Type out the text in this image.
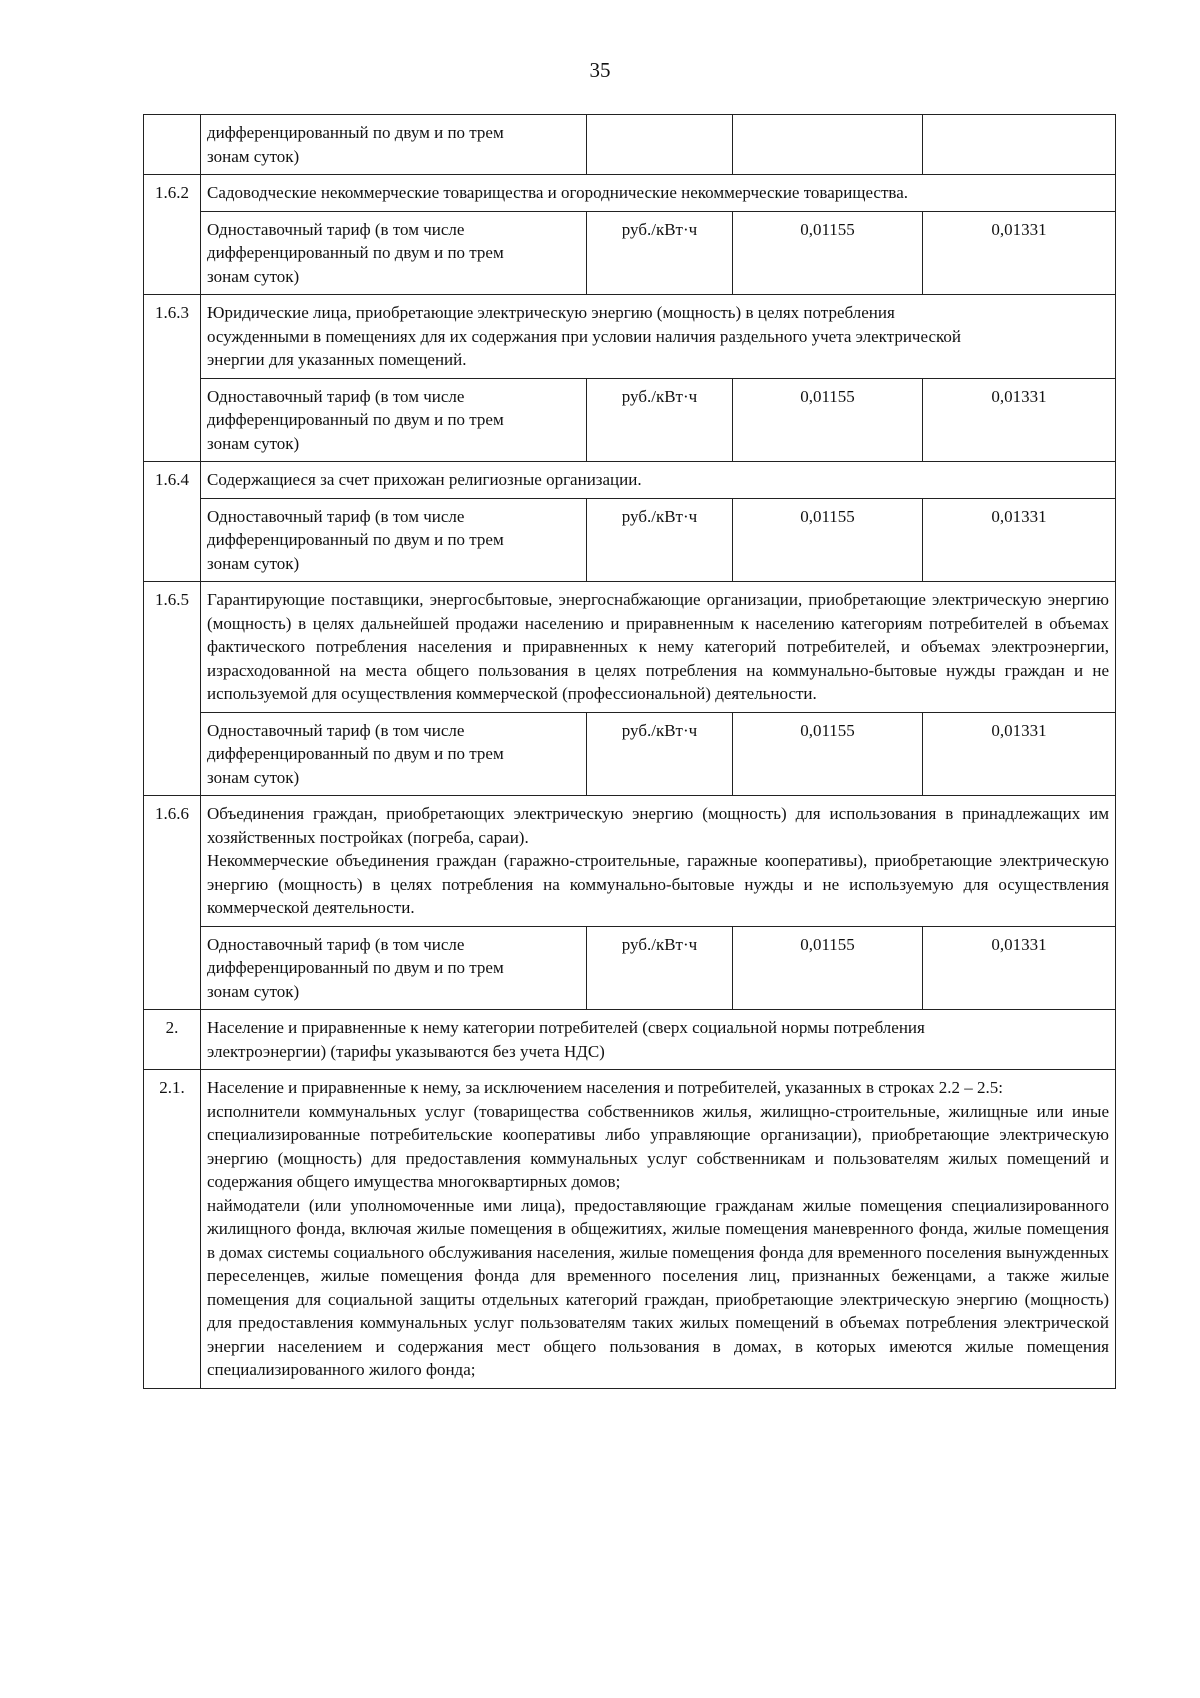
35

	дифференцированный по двум и по трем
зонам суток)			

1.6.2	Садоводческие некоммерческие товарищества и огороднические некоммерческие товарищества.			

	Одноставочный тариф (в том числе
дифференцированный по двум и по трем
зонам суток)	руб./кВт·ч	0,01155	0,01331
1.6.3	Юридические лица, приобретающие электрическую энергию (мощность) в целях потребления
осужденными в помещениях для их содержания при условии наличия раздельного учета электрической
энергии для указанных помещений.			

	Одноставочный тариф (в том числе
дифференцированный по двум и по трем
зонам суток)	руб./кВт·ч	0,01155	0,01331
1.6.4	Содержащиеся за счет прихожан религиозные организации.			

	Одноставочный тариф (в том числе
дифференцированный по двум и по трем
зонам суток)	руб./кВт·ч	0,01155	0,01331
1.6.5	Гарантирующие поставщики, энергосбытовые, энергоснабжающие организации, приобретающие электрическую энергию (мощность) в целях дальнейшей продажи населению и приравненным к населению категориям потребителей в объемах фактического потребления населения и приравненных к нему категорий потребителей, и объемах электроэнергии, израсходованной на места общего пользования в целях потребления на коммунально-бытовые нужды граждан и не используемой для осуществления коммерческой (профессиональной) деятельности.			

	Одноставочный тариф (в том числе
дифференцированный по двум и по трем
зонам суток)	руб./кВт·ч	0,01155	0,01331
1.6.6	Объединения граждан, приобретающих электрическую энергию (мощность) для использования в принадлежащих им хозяйственных постройках (погреба, сараи).
Некоммерческие объединения граждан (гаражно-строительные, гаражные кооперативы), приобретающие электрическую энергию (мощность) в целях потребления на коммунально-бытовые нужды и не используемую для осуществления коммерческой деятельности.			

	Одноставочный тариф (в том числе
дифференцированный по двум и по трем
зонам суток)	руб./кВт·ч	0,01155	0,01331
2.	Население и приравненные к нему категории потребителей (сверх социальной нормы потребления
электроэнергии) (тарифы указываются без учета НДС)			

2.1.	Население и приравненные к нему, за исключением населения и потребителей, указанных в строках 2.2 – 2.5:
исполнители коммунальных услуг (товарищества собственников жилья, жилищно-строительные, жилищные или иные специализированные потребительские кооперативы либо управляющие организации), приобретающие электрическую энергию (мощность) для предоставления коммунальных услуг собственникам и пользователям жилых помещений и содержания общего имущества многоквартирных домов;
наймодатели (или уполномоченные ими лица), предоставляющие гражданам жилые помещения специализированного жилищного фонда, включая жилые помещения в общежитиях, жилые помещения маневренного фонда, жилые помещения в домах системы социального обслуживания населения, жилые помещения фонда для временного поселения вынужденных переселенцев, жилые помещения фонда для временного поселения лиц, признанных беженцами, а также жилые помещения для социальной защиты отдельных категорий граждан, приобретающие электрическую энергию (мощность) для предоставления коммунальных услуг пользователям таких жилых помещений в объемах потребления электрической энергии населением и содержания мест общего пользования в домах, в которых имеются жилые помещения специализированного жилого фонда;			
